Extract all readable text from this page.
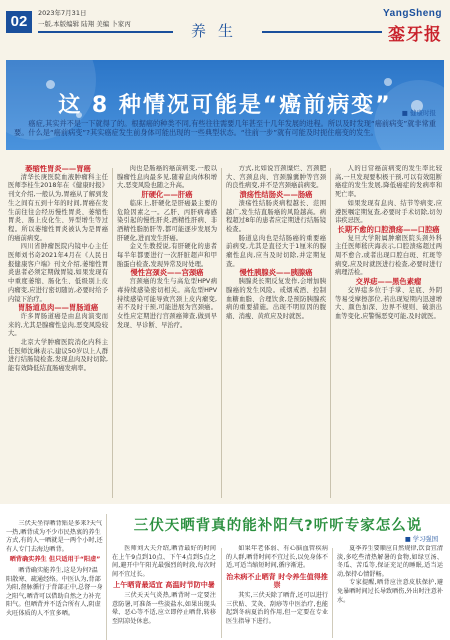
02	2023年7月31日
一版,本版编辑 陆翔 美编 卜家丙	养生
YangSheng
銮牙报
这 8 种情况可能是“癌前病变”	■ 健康时报
癌症,其实并不是一下就得了的。根据癌的种类不同,有些往往需要几年甚至十几年发展的进程。所以及时发现“癌前病变”就非常重要。什么是“癌前病变”?其实癌症发生前身体可能出现的一些典型状态。“往前一步”就有可能及时扼住癌变的发生。

萎缩性胃炎——胃癌

清华长庚医院血液肿瘤科主任医师李桂生2018年在《健康时报》刊文介绍,一般认为,胃癌从了解到发生之间有五到十年的时间,胃癌在发生前往往会经历慢性胃炎、萎缩性胃炎、肠上皮化生、异型增生等过程。所以萎缩性胃炎被认为是胃癌的癌前病变。

四川省肿瘤医院内镜中心主任医师刘书奇2021年4月在《人民日报健康客户端》刊文介绍,萎缩性胃炎患者必须定期做胃镜,如果发现有中重度萎缩、肠化生、低级别上皮内瘤变,应进行密切随访,必要时给予内镜下治疗。

胃肠道息肉——胃肠道癌

许多胃肠道癌是由息肉演变而来的,尤其是腺瘤性息肉,恶变风险较大。

北京大学肿瘤医院消化内科主任医师沈琳表示,建议50岁以上人群进行结肠镜检查,发现息肉及时切除,能有效降低结直肠癌发病率。

肉也是肠癌的癌前病变,一般以腺瘤性息肉最多见,随着息肉体积增大,恶变风险也随之升高。

肝硬化——肝癌

临床上,肝硬化是肝癌最主要的危险因素之一。乙肝、丙肝病毒感染引起的慢性肝炎,酒精性肝病、非酒精性脂肪肝等,都可能逐步发展为肝硬化,进而发生肝癌。

金义生教授说,有肝硬化的患者每半年都要进行一次肝脏超声和甲胎蛋白检查,发现异常及时处理。

慢性宫颈炎——宫颈癌

宫颈癌的发生与高危型HPV病毒持续感染密切相关。高危型HPV持续感染可能导致宫颈上皮内瘤变,若不及时干预,可能进展为宫颈癌。女性应定期进行宫颈癌筛查,做到早发现、早诊断、早治疗。

方式,比如说宫颈糜烂、宫颈肥大、宫颈息肉、宫颈腺囊肿等宫颈的良性病变,并不是宫颈癌前病变。

溃疡性结肠炎——肠癌

溃疡性结肠炎病程越长、范围越广,发生结直肠癌的风险越高。病程超过8年的患者应定期进行结肠镜检查。

肠道息肉也是结肠癌的重要癌前病变,尤其是直径大于1厘米的腺瘤性息肉,应当及时切除,并定期复查。

慢性胰腺炎——胰腺癌

胰腺炎长期反复发作,会增加胰腺癌的发生风险。戒烟戒酒、控制血糖血脂、合理饮食,是预防胰腺疾病的重要措施。出现不明原因的腹痛、消瘦、黄疸应及时就医。

人的日常癌前病变的发生率比较高,一旦发现要积极干预,可以有效阻断癌症的发生发展,降低癌症的发病率和死亡率。

如果发现有息肉、结节等病变,应遵医嘱定期复查,必要时手术切除,切勿讳疾忌医。

长期不愈的口腔溃疡——口腔癌

复旦大学附属肿瘤医院头颈外科主任医师嵇庆海表示,口腔溃疡超过两周不愈合,或者出现口腔白斑、红斑等病变,应及时就医进行检查,必要时进行病理活检。

交界痣——黑色素瘤

交界痣多位于手掌、足底、外阴等易受摩擦部位,若出现短期内迅速增大、颜色加深、边界不规则、破溃出血等变化,应警惕恶变可能,及时就医。

三伏天坐得晒背贴是多来?天气一热,晒背成为不少市民热衷的养生方式,有的人一晒就是一两个小时,还有人专门去海边晒背。

晒背确实养生 但只适用于“阳虚”

晒背确实能养生,这是为何?温阳散寒、疏通经络。中医认为,背部为阳,督脉循行于背部正中,总督一身之阳气,晒背可以借助自然之力补充阳气。但晒背并不适合所有人,阴虚火旺体质的人不宜多晒。

三伏天晒背真的能补阳气?听听专家怎么说
■ 学习强国

医师刘大夫介绍,晒背最好的时间在上午9点到10点、下午4点到5点之间,避开中午阳光最强烈的时段,每次时间不宜过长。

上午晒背最适宜 高温时节防中暑

三伏天天气炎热,晒背时一定要注意防暑,可准备一些淡盐水,如果出现头晕、恶心等不适,应立即停止晒背,转移至阴凉处休息。

如果年老体弱、有心脑血管疾病的人群,晒背时间不宜过长,以免身体不适,可适当缩短时间,循序渐进。

治未病不止晒背 时令养生值得推崇

其实,三伏天除了晒背,还可以进行三伏贴、艾灸、刮痧等中医治疗,也能起到冬病夏治的作用,但一定要在专业医生指导下进行。

夏季养生要顺应自然规律,饮食宜清淡,多吃些清热解暑的食物,如绿豆汤、冬瓜、苦瓜等,保证充足的睡眠,适当运动,保持心情舒畅。

专家提醒,晒背应注意皮肤保护,避免暴晒时间过长导致晒伤,外出时注意补水。
